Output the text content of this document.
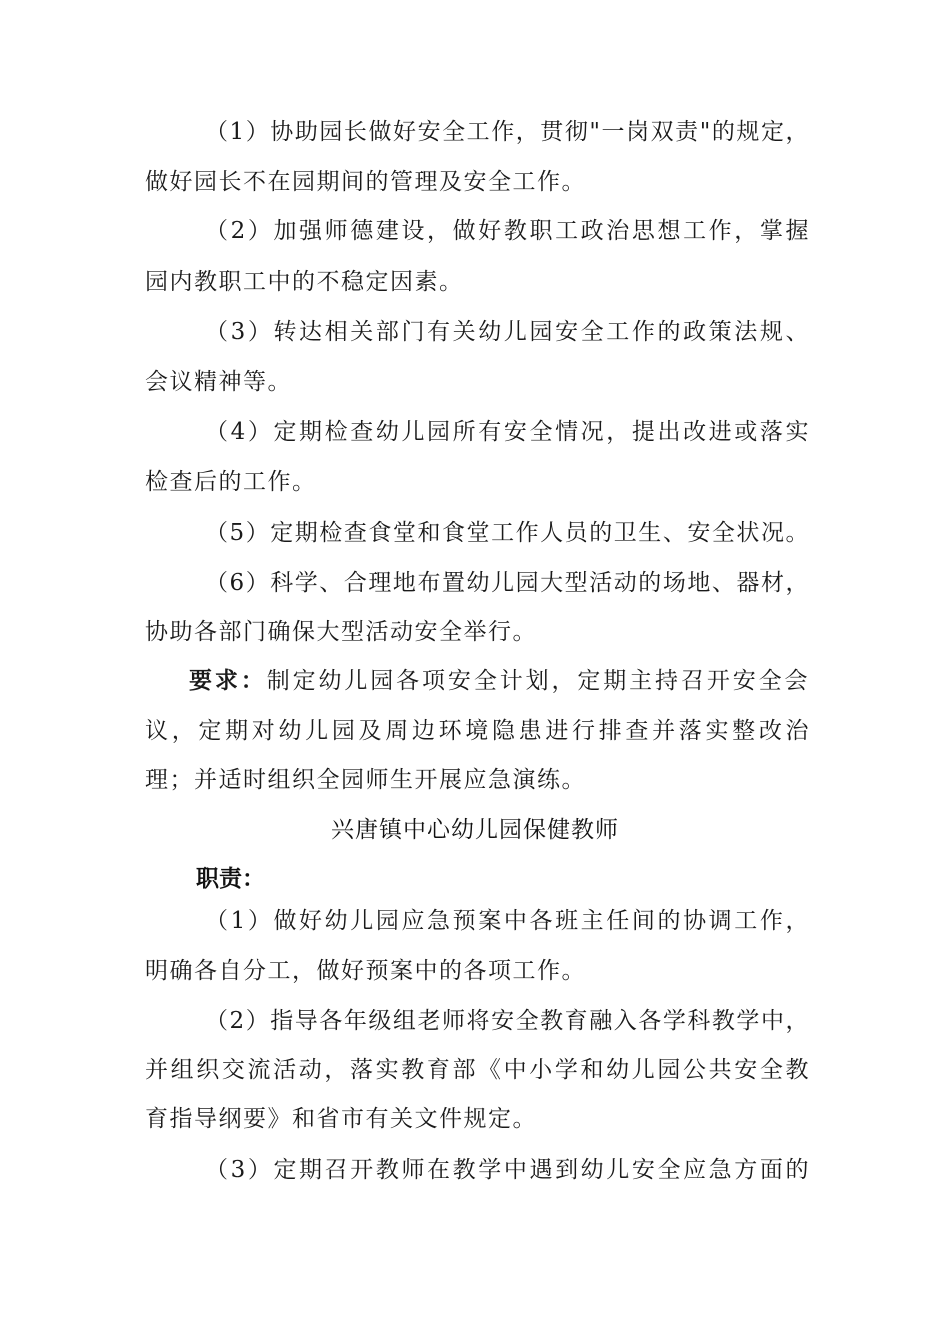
（1）协助园长做好安全工作，贯彻"一岗双责"的规定，
做好园长不在园期间的管理及安全工作。
（2）加强师德建设，做好教职工政治思想工作，掌握
园内教职工中的不稳定因素。
（3）转达相关部门有关幼儿园安全工作的政策法规、
会议精神等。
（4）定期检查幼儿园所有安全情况，提出改进或落实
检查后的工作。
（5）定期检查食堂和食堂工作人员的卫生、安全状况。
（6）科学、合理地布置幼儿园大型活动的场地、器材，
协助各部门确保大型活动安全举行。
要求：制定幼儿园各项安全计划，定期主持召开安全会
议，定期对幼儿园及周边环境隐患进行排查并落实整改治
理；并适时组织全园师生开展应急演练。
兴唐镇中心幼儿园保健教师
职责：
（1）做好幼儿园应急预案中各班主任间的协调工作，
明确各自分工，做好预案中的各项工作。
（2）指导各年级组老师将安全教育融入各学科教学中，
并组织交流活动，落实教育部《中小学和幼儿园公共安全教
育指导纲要》和省市有关文件规定。
（3）定期召开教师在教学中遇到幼儿安全应急方面的
